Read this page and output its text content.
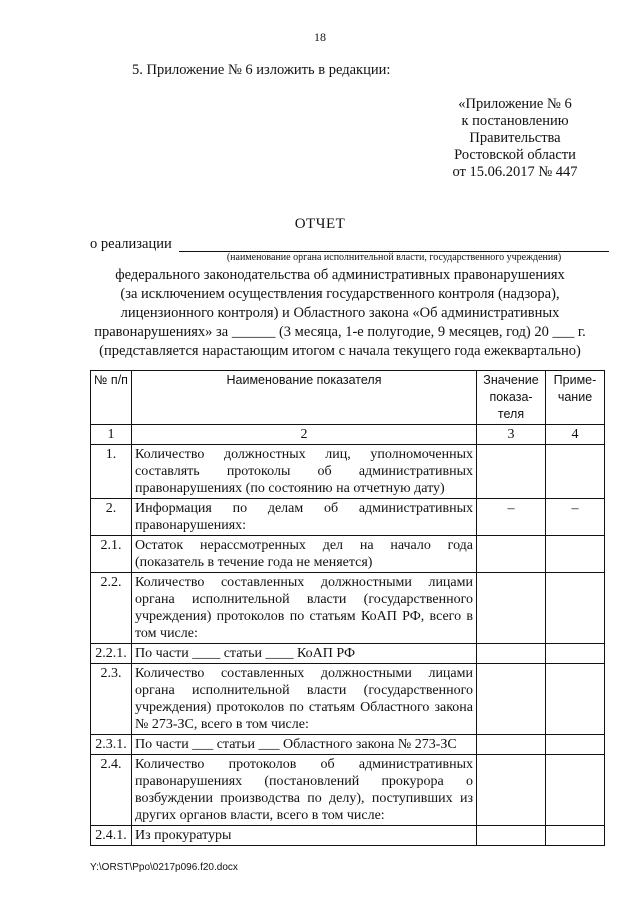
18
5. Приложение № 6 изложить в редакции:
«Приложение № 6
к постановлению
Правительства
Ростовской области
от 15.06.2017 № 447
ОТЧЕТ
о реализации
(наименование органа исполнительной власти, государственного учреждения)
федерального законодательства об административных правонарушениях
(за исключением осуществления государственного контроля (надзора),
лицензионного контроля) и Областного закона «Об административных
правонарушениях» за ______ (3 месяца, 1-е полугодие, 9 месяцев, год) 20 ___ г.
(представляется нарастающим итогом с начала текущего года ежеквартально)
№ п/п	Наименование показателя	Значение показа-теля	Приме-чание
1	2	3	4
1.	Количество должностных лиц, уполномоченных составлять протоколы об административных правонарушениях (по состоянию на отчетную дату)		
2.	Информация по делам об административных правонарушениях:	–	–
2.1.	Остаток нерассмотренных дел на начало года (показатель в течение года не меняется)		
2.2.	Количество составленных должностными лицами органа исполнительной власти (государственного учреждения) протоколов по статьям КоАП РФ, всего в том числе:		
2.2.1.	По части ____ статьи ____ КоАП РФ		
2.3.	Количество составленных должностными лицами органа исполнительной власти (государственного учреждения) протоколов по статьям Областного закона № 273-ЗС, всего в том числе:		
2.3.1.	По части ___ статьи ___ Областного закона № 273-ЗС		
2.4.	Количество протоколов об административных правонарушениях (постановлений прокурора о возбуждении производства по делу), поступивших из других органов власти, всего в том числе:		
2.4.1.	Из прокуратуры		
Y:\ORST\Ppo\0217p096.f20.docx
